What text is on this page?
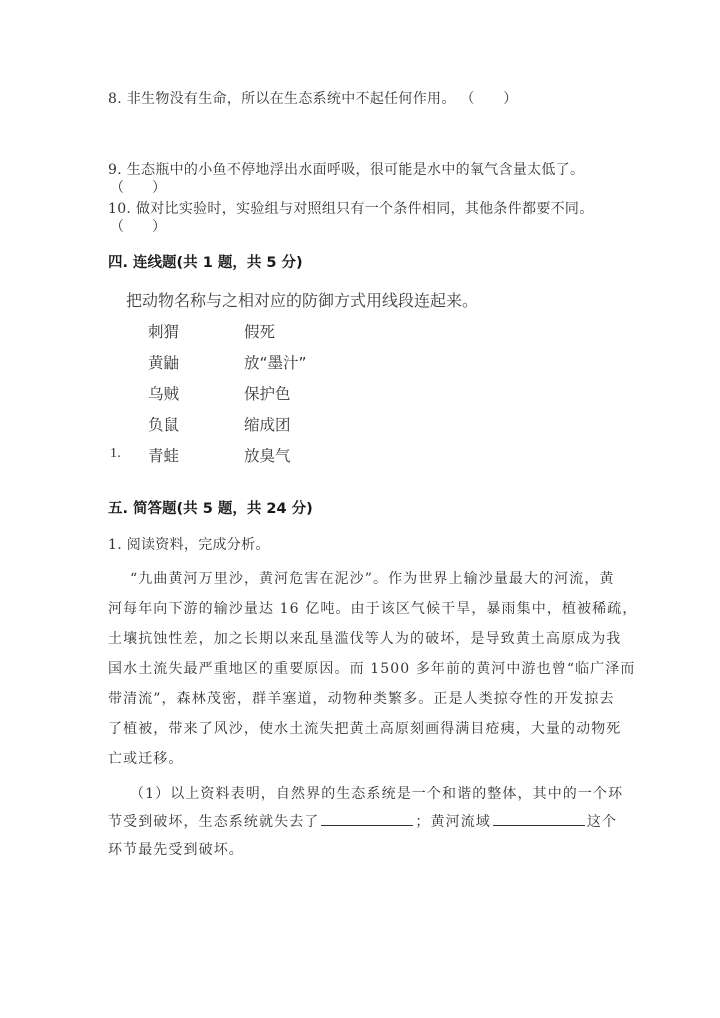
8. 非生物没有生命，所以在生态系统中不起任何作用。 （　　）
9. 生态瓶中的小鱼不停地浮出水面呼吸，很可能是水中的氧气含量太低了。
（　　）
10. 做对比实验时，实验组与对照组只有一个条件相同，其他条件都要不同。
（　　）
四. 连线题(共 1 题，共 5 分)
把动物名称与之相对应的防御方式用线段连起来。
刺猬
黄鼬
乌贼
负鼠
青蛙
假死
放“墨汁”
保护色
缩成团
放臭气
1.
五. 简答题(共 5 题，共 24 分)
1. 阅读资料，完成分析。
“九曲黄河万里沙，黄河危害在泥沙”。作为世界上输沙量最大的河流，黄
河每年向下游的输沙量达 16 亿吨。由于该区气候干旱，暴雨集中，植被稀疏，
土壤抗蚀性差，加之长期以来乱垦滥伐等人为的破坏，是导致黄土高原成为我
国水土流失最严重地区的重要原因。而 1500 多年前的黄河中游也曾“临广泽而
带清流”，森林茂密，群羊塞道，动物种类繁多。正是人类掠夺性的开发掠去
了植被，带来了风沙，使水土流失把黄土高原刻画得满目疮痍，大量的动物死
亡或迁移。
（1）以上资料表明，自然界的生态系统是一个和谐的整体，其中的一个环
节受到破坏，生态系统就失去了	；黄河流域	这个
环节最先受到破坏。
